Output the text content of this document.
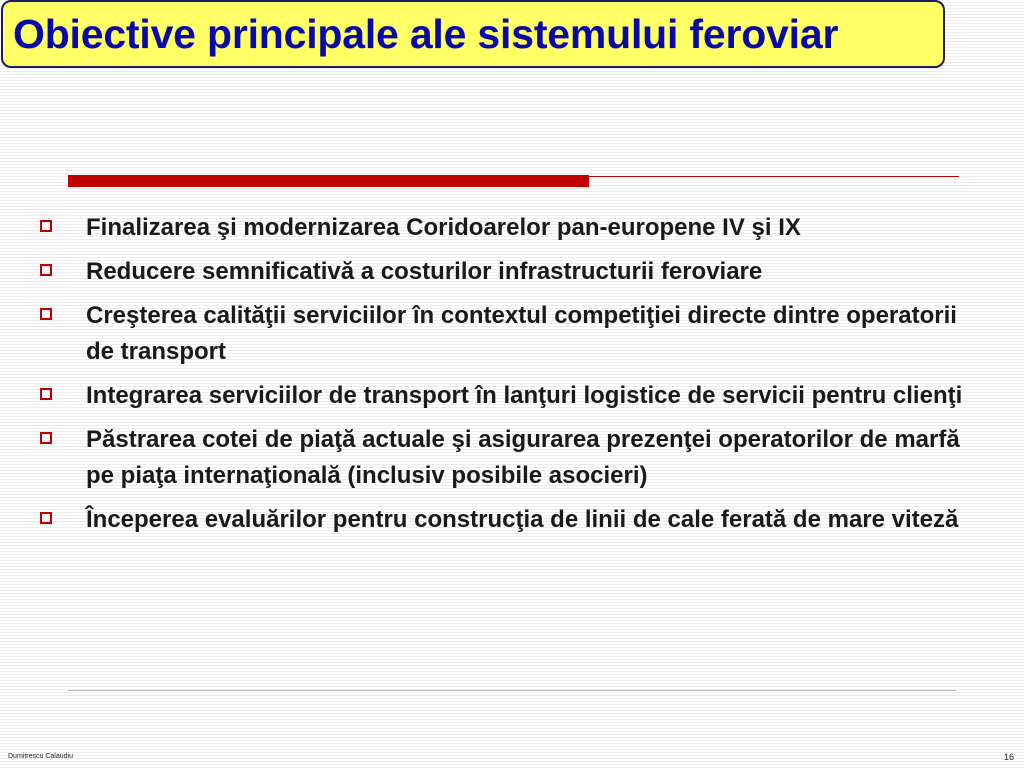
Obiective principale ale sistemului feroviar
Finalizarea şi modernizarea Coridoarelor pan-europene IV şi IX
Reducere semnificativă a costurilor infrastructurii feroviare
Creşterea calităţii serviciilor în contextul competiţiei directe dintre operatorii de transport
Integrarea serviciilor de transport în lanţuri logistice de servicii pentru clienţi
Păstrarea cotei de piaţă actuale şi asigurarea prezenţei operatorilor de marfă pe piaţa internaţională (inclusiv posibile asocieri)
Începerea evaluărilor pentru construcţia de linii de cale ferată de mare viteză
Dumitrescu Calaudiu	16
